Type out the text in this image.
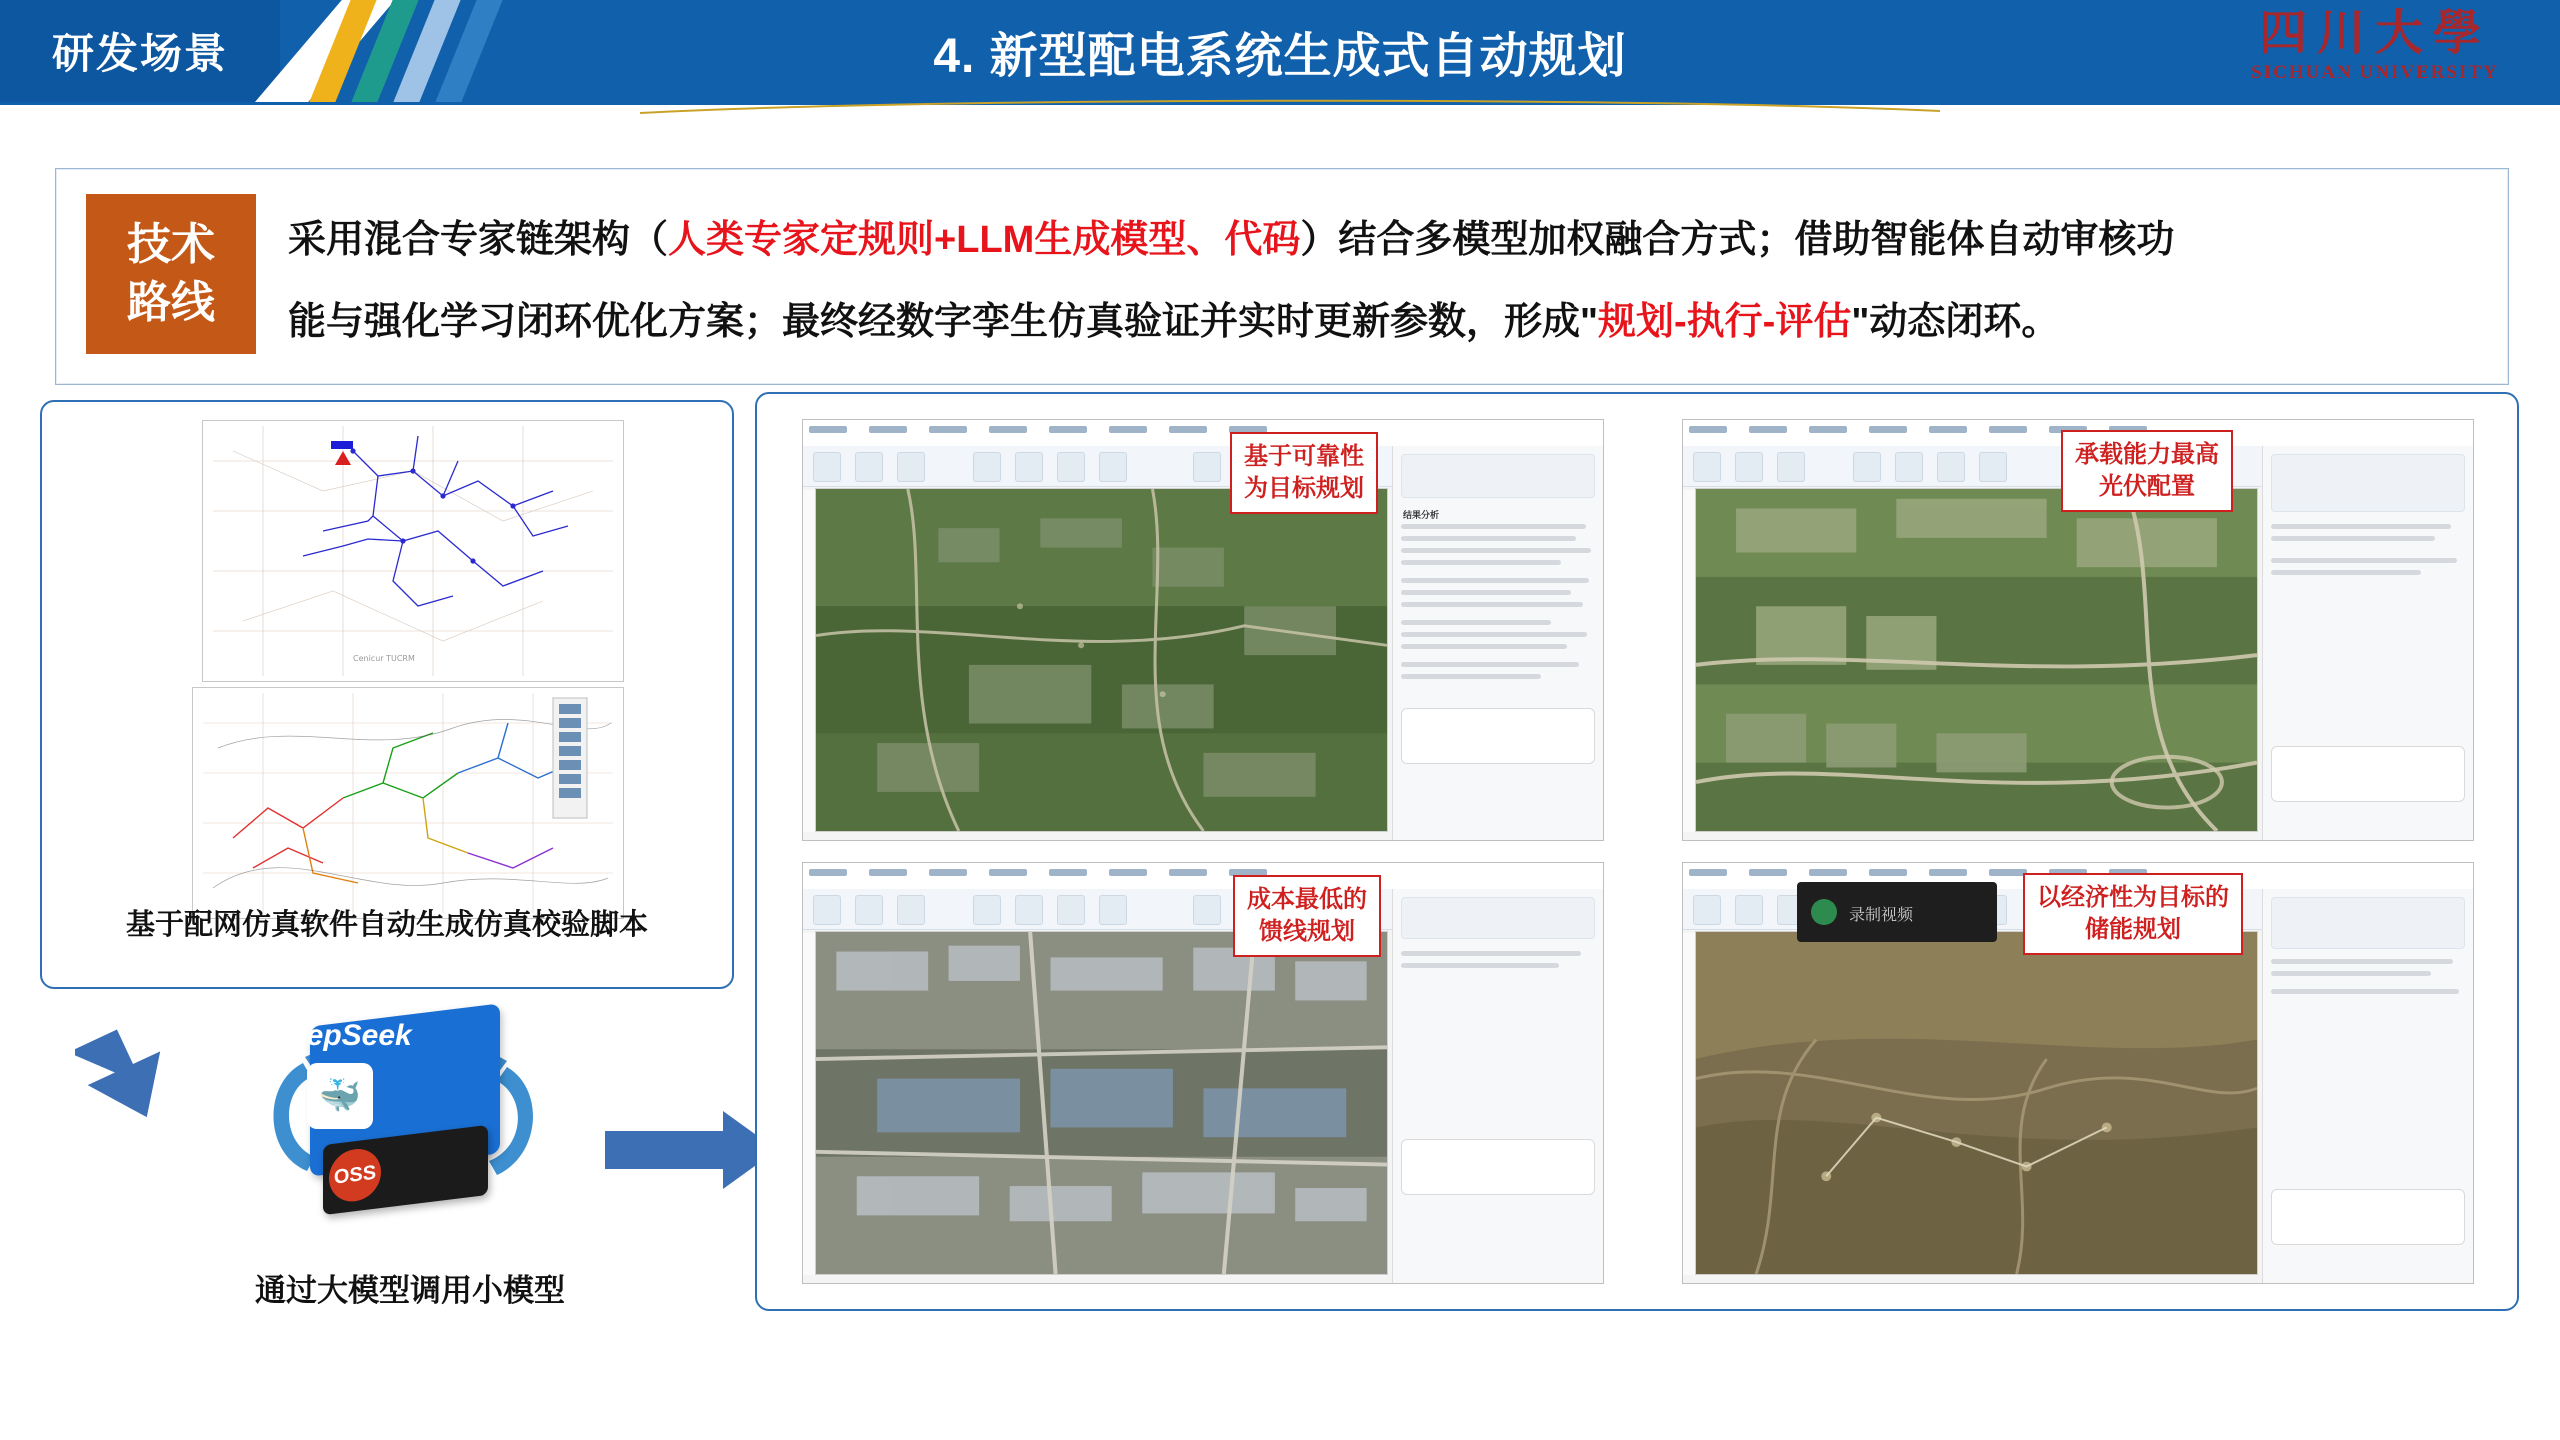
研发场景	4. 新型配电系统生成式自动规划	四川大學
SICHUAN UNIVERSITY
技术
路线
采用混合专家链架构（人类专家定规则+LLM生成模型、代码）结合多模型加权融合方式；借助智能体自动审核功
能与强化学习闭环优化方案；最终经数字孪生仿真验证并实时更新参数，形成"规划-执行-评估"动态闭环。
Cenicur TUCRM
基于配网仿真软件自动生成仿真校验脚本
DeepSeek
🐳
OSS
通过大模型调用小模型
结果分析
基于可靠性
为目标规划
承载能力最高
光伏配置
成本最低的
馈线规划
以经济性为目标的
储能规划
录制视频
